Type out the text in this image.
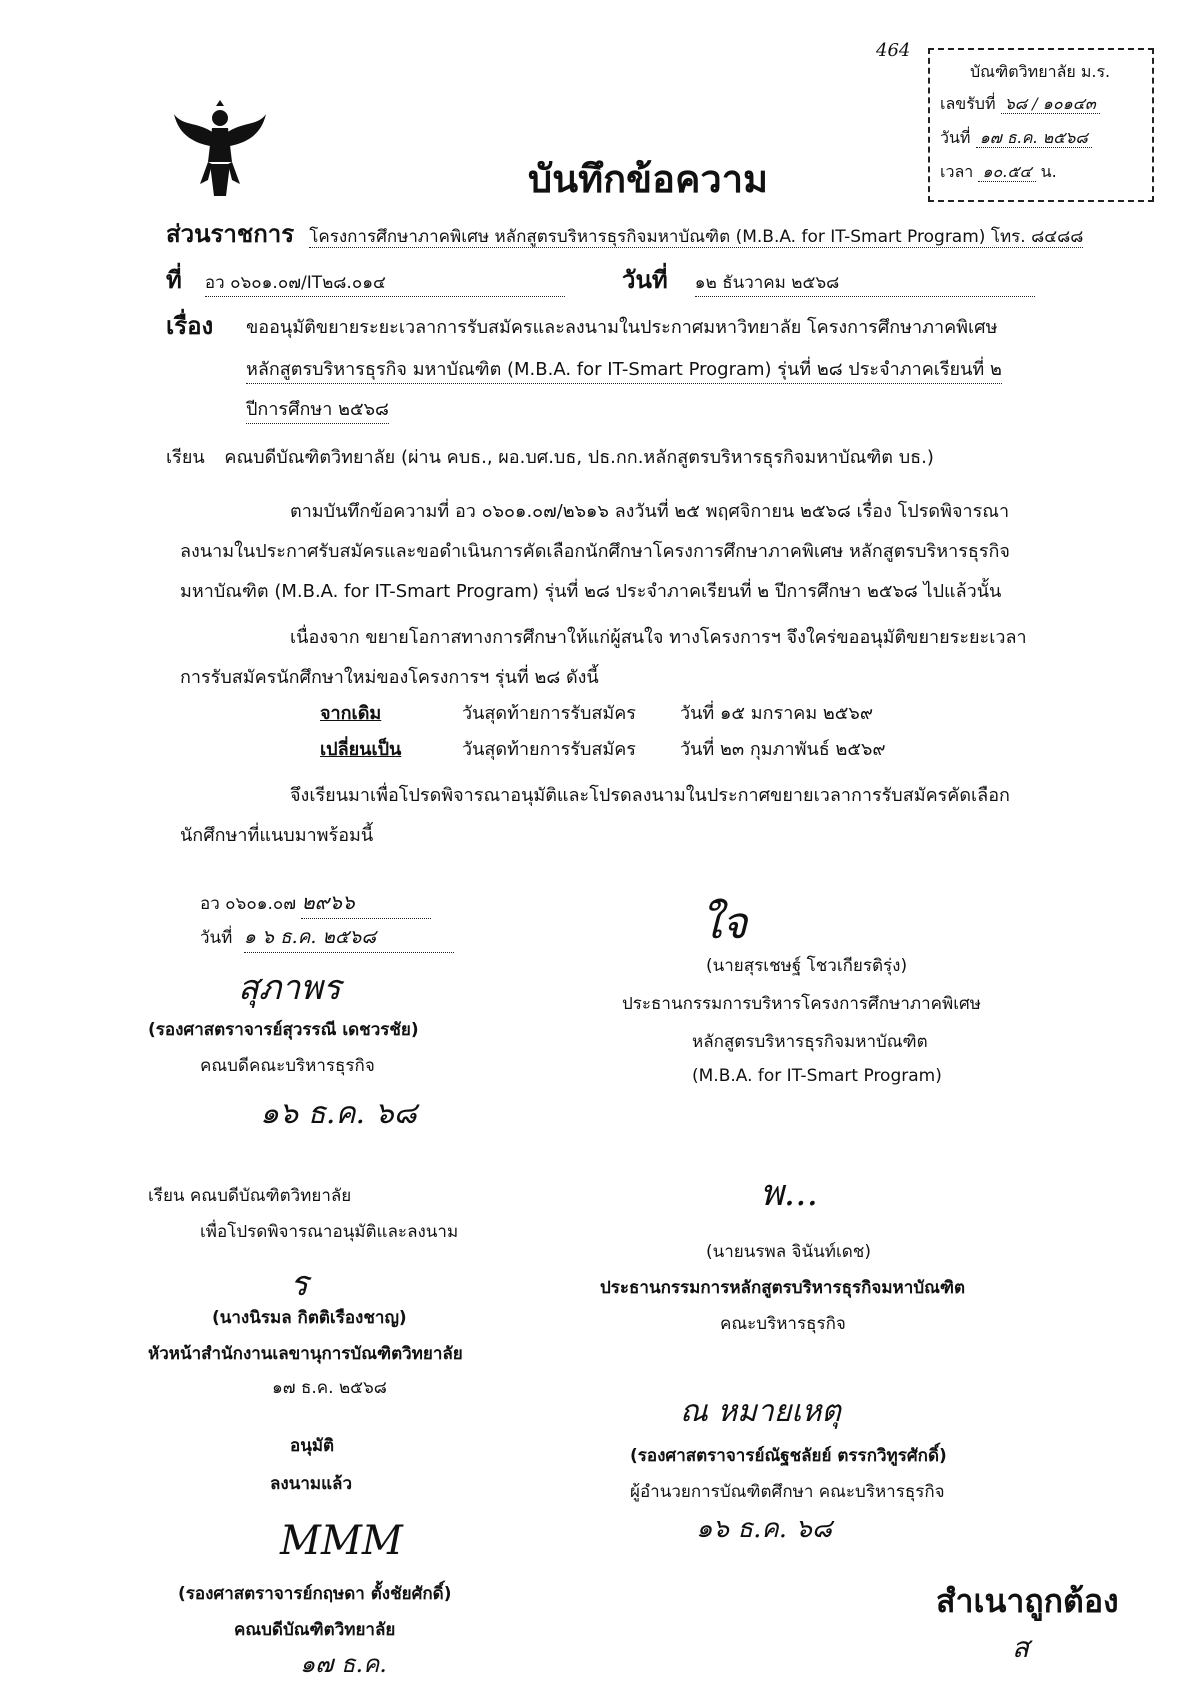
464
บัณฑิตวิทยาลัย ม.ร.
เลขรับที่ ๖๘ / ๑๐๑๔๓
วันที่ ๑๗ ธ.ค. ๒๕๖๘
เวลา ๑๐.๕๔ น.
บันทึกข้อความ
ส่วนราชการ โครงการศึกษาภาคพิเศษ หลักสูตรบริหารธุรกิจมหาบัณฑิต (M.B.A. for IT-Smart Program) โทร. ๘๔๘๘
ที่ อว ๐๖๐๑.๐๗/IT๒๘.๐๑๔	วันที่ ๑๒ ธันวาคม ๒๕๖๘
เรื่อง ขออนุมัติขยายระยะเวลาการรับสมัครและลงนามในประกาศมหาวิทยาลัย โครงการศึกษาภาคพิเศษ
หลักสูตรบริหารธุรกิจ มหาบัณฑิต (M.B.A. for IT-Smart Program) รุ่นที่ ๒๘ ประจำภาคเรียนที่ ๒
ปีการศึกษา ๒๕๖๘
เรียน คณบดีบัณฑิตวิทยาลัย (ผ่าน คบธ., ผอ.บศ.บธ, ปธ.กก.หลักสูตรบริหารธุรกิจมหาบัณฑิต บธ.)
ตามบันทึกข้อความที่ อว ๐๖๐๑.๐๗/๒๖๑๖ ลงวันที่ ๒๕ พฤศจิกายน ๒๕๖๘ เรื่อง โปรดพิจารณา
ลงนามในประกาศรับสมัครและขอดำเนินการคัดเลือกนักศึกษาโครงการศึกษาภาคพิเศษ หลักสูตรบริหารธุรกิจ
มหาบัณฑิต (M.B.A. for IT-Smart Program) รุ่นที่ ๒๘ ประจำภาคเรียนที่ ๒ ปีการศึกษา ๒๕๖๘ ไปแล้วนั้น
เนื่องจาก ขยายโอกาสทางการศึกษาให้แก่ผู้สนใจ ทางโครงการฯ จึงใคร่ขออนุมัติขยายระยะเวลา
การรับสมัครนักศึกษาใหม่ของโครงการฯ รุ่นที่ ๒๘ ดังนี้
จากเดิม	วันสุดท้ายการรับสมัคร วันที่ ๑๕ มกราคม ๒๕๖๙
เปลี่ยนเป็น	วันสุดท้ายการรับสมัคร วันที่ ๒๓ กุมภาพันธ์ ๒๕๖๙
จึงเรียนมาเพื่อโปรดพิจารณาอนุมัติและโปรดลงนามในประกาศขยายเวลาการรับสมัครคัดเลือก
นักศึกษาที่แนบมาพร้อมนี้
อว ๐๖๐๑.๐๗ ๒๙๖๖
วันที่ ๑ ๖ ธ.ค. ๒๕๖๘
สุภาพร
(รองศาสตราจารย์สุวรรณี เดชวรชัย)
คณบดีคณะบริหารธุรกิจ
๑๖ ธ.ค. ๖๘
เรียน คณบดีบัณฑิตวิทยาลัย
เพื่อโปรดพิจารณาอนุมัติและลงนาม
ร
(นางนิรมล กิตติเรืองชาญ)
หัวหน้าสำนักงานเลขานุการบัณฑิตวิทยาลัย
๑๗ ธ.ค. ๒๕๖๘
อนุมัติ
ลงนามแล้ว
MMM
(รองศาสตราจารย์กฤษดา ตั้งชัยศักดิ์)
คณบดีบัณฑิตวิทยาลัย
๑๗ ธ.ค.
ใจ
(นายสุรเชษฐ์ โชวเกียรติรุ่ง)
ประธานกรรมการบริหารโครงการศึกษาภาคพิเศษ
หลักสูตรบริหารธุรกิจมหาบัณฑิต
(M.B.A. for IT-Smart Program)
พ...
(นายนรพล จินันท์เดช)
ประธานกรรมการหลักสูตรบริหารธุรกิจมหาบัณฑิต
คณะบริหารธุรกิจ
ณ หมายเหตุ
(รองศาสตราจารย์ณัฐชลัยย์ ตรรกวิทูรศักดิ์)
ผู้อำนวยการบัณฑิตศึกษา คณะบริหารธุรกิจ
๑๖ ธ.ค. ๖๘
สำเนาถูกต้อง
ส
